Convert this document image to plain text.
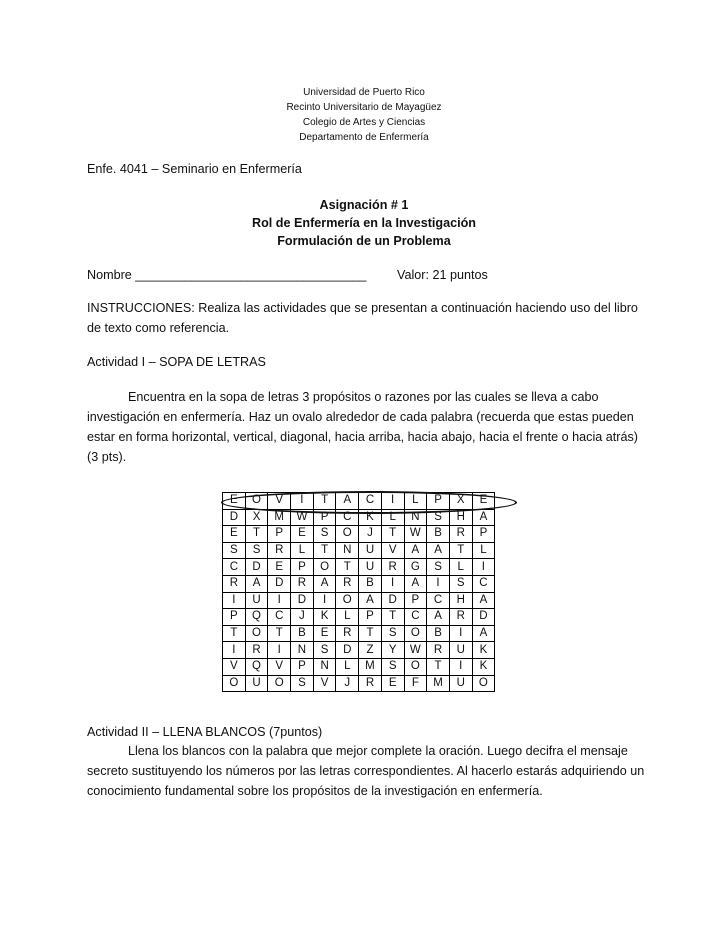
Universidad de Puerto Rico
Recinto Universitario de Mayagüez
Colegio de Artes y Ciencias
Departamento de Enfermería

Enfe. 4041 – Seminario en Enfermería

Asignación # 1

Rol de Enfermería en la Investigación

Formulación de un Problema

Nombre _________________________________	Valor: 21 puntos

INSTRUCCIONES: Realiza las actividades que se presentan a continuación haciendo uso del libro de texto como referencia.

Actividad I – SOPA DE LETRAS

Encuentra en la sopa de letras 3 propósitos o razones por las cuales se lleva a cabo investigación en enfermería. Haz un ovalo alrededor de cada palabra (recuerda que estas pueden estar en forma horizontal, vertical, diagonal, hacia arriba, hacia abajo, hacia el frente o hacia atrás)(3 pts).

E	O	V	I	T	A	C	I	L	P	X	E
D	X	M	W	P	C	K	L	N	S	H	A
E	T	P	E	S	O	J	T	W	B	R	P
S	S	R	L	T	N	U	V	A	A	T	L
C	D	E	P	O	T	U	R	G	S	L	I
R	A	D	R	A	R	B	I	A	I	S	C
I	U	I	D	I	O	A	D	P	C	H	A
P	Q	C	J	K	L	P	T	C	A	R	D
T	O	T	B	E	R	T	S	O	B	I	A
I	R	I	N	S	D	Z	Y	W	R	U	K
V	Q	V	P	N	L	M	S	O	T	I	K
O	U	O	S	V	J	R	E	F	M	U	O

Actividad II – LLENA BLANCOS (7puntos)

Llena los blancos con la palabra que mejor complete la oración. Luego decifra el mensaje secreto sustituyendo los números por las letras correspondientes. Al hacerlo estarás adquiriendo un conocimiento fundamental sobre los propósitos de la investigación en enfermería.
